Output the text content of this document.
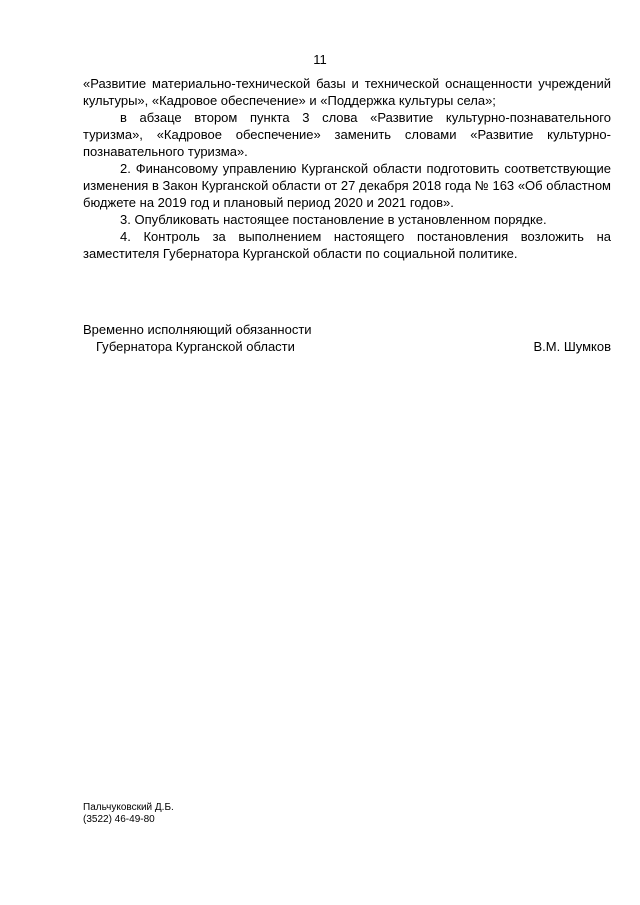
11

«Развитие материально-технической базы и технической оснащенности учреждений культуры», «Кадровое обеспечение» и «Поддержка культуры села»;

в абзаце втором пункта 3 слова «Развитие культурно-познавательного туризма», «Кадровое обеспечение» заменить словами «Развитие культурно-познавательного туризма».

2. Финансовому управлению Курганской области подготовить соответствующие изменения в Закон Курганской области от 27 декабря 2018 года № 163 «Об областном бюджете на 2019 год и плановый период 2020 и 2021 годов».

3. Опубликовать настоящее постановление в установленном порядке.

4. Контроль за выполнением настоящего постановления возложить на заместителя Губернатора Курганской области по социальной политике.

Временно исполняющий обязанности
Губернатора Курганской области	В.М. Шумков
Пальчуковский Д.Б.
(3522) 46-49-80
